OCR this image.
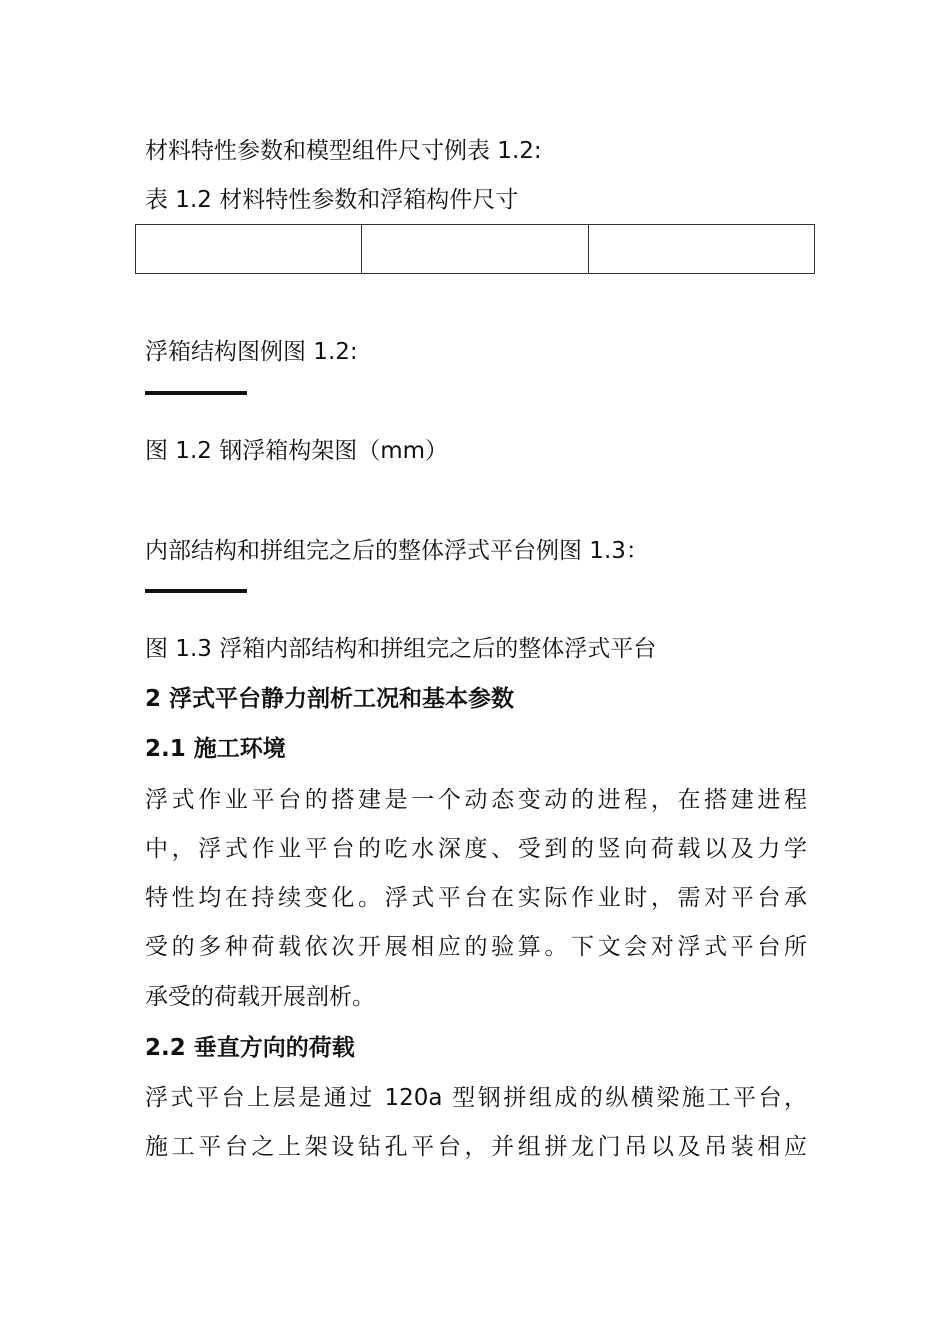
材料特性参数和模型组件尺寸例表 1.2:

表 1.2 材料特性参数和浮箱构件尺寸

浮箱结构图例图 1.2:

图 1.2 钢浮箱构架图（mm）

内部结构和拼组完之后的整体浮式平台例图 1.3：

图 1.3 浮箱内部结构和拼组完之后的整体浮式平台

2 浮式平台静力剖析工况和基本参数
2.1 施工环境

浮式作业平台的搭建是一个动态变动的进程，在搭建进程

中，浮式作业平台的吃水深度、受到的竖向荷载以及力学

特性均在持续变化。浮式平台在实际作业时，需对平台承

受的多种荷载依次开展相应的验算。下文会对浮式平台所

承受的荷载开展剖析。

2.2 垂直方向的荷载

浮式平台上层是通过 120a 型钢拼组成的纵横梁施工平台，

施工平台之上架设钻孔平台，并组拼龙门吊以及吊装相应
